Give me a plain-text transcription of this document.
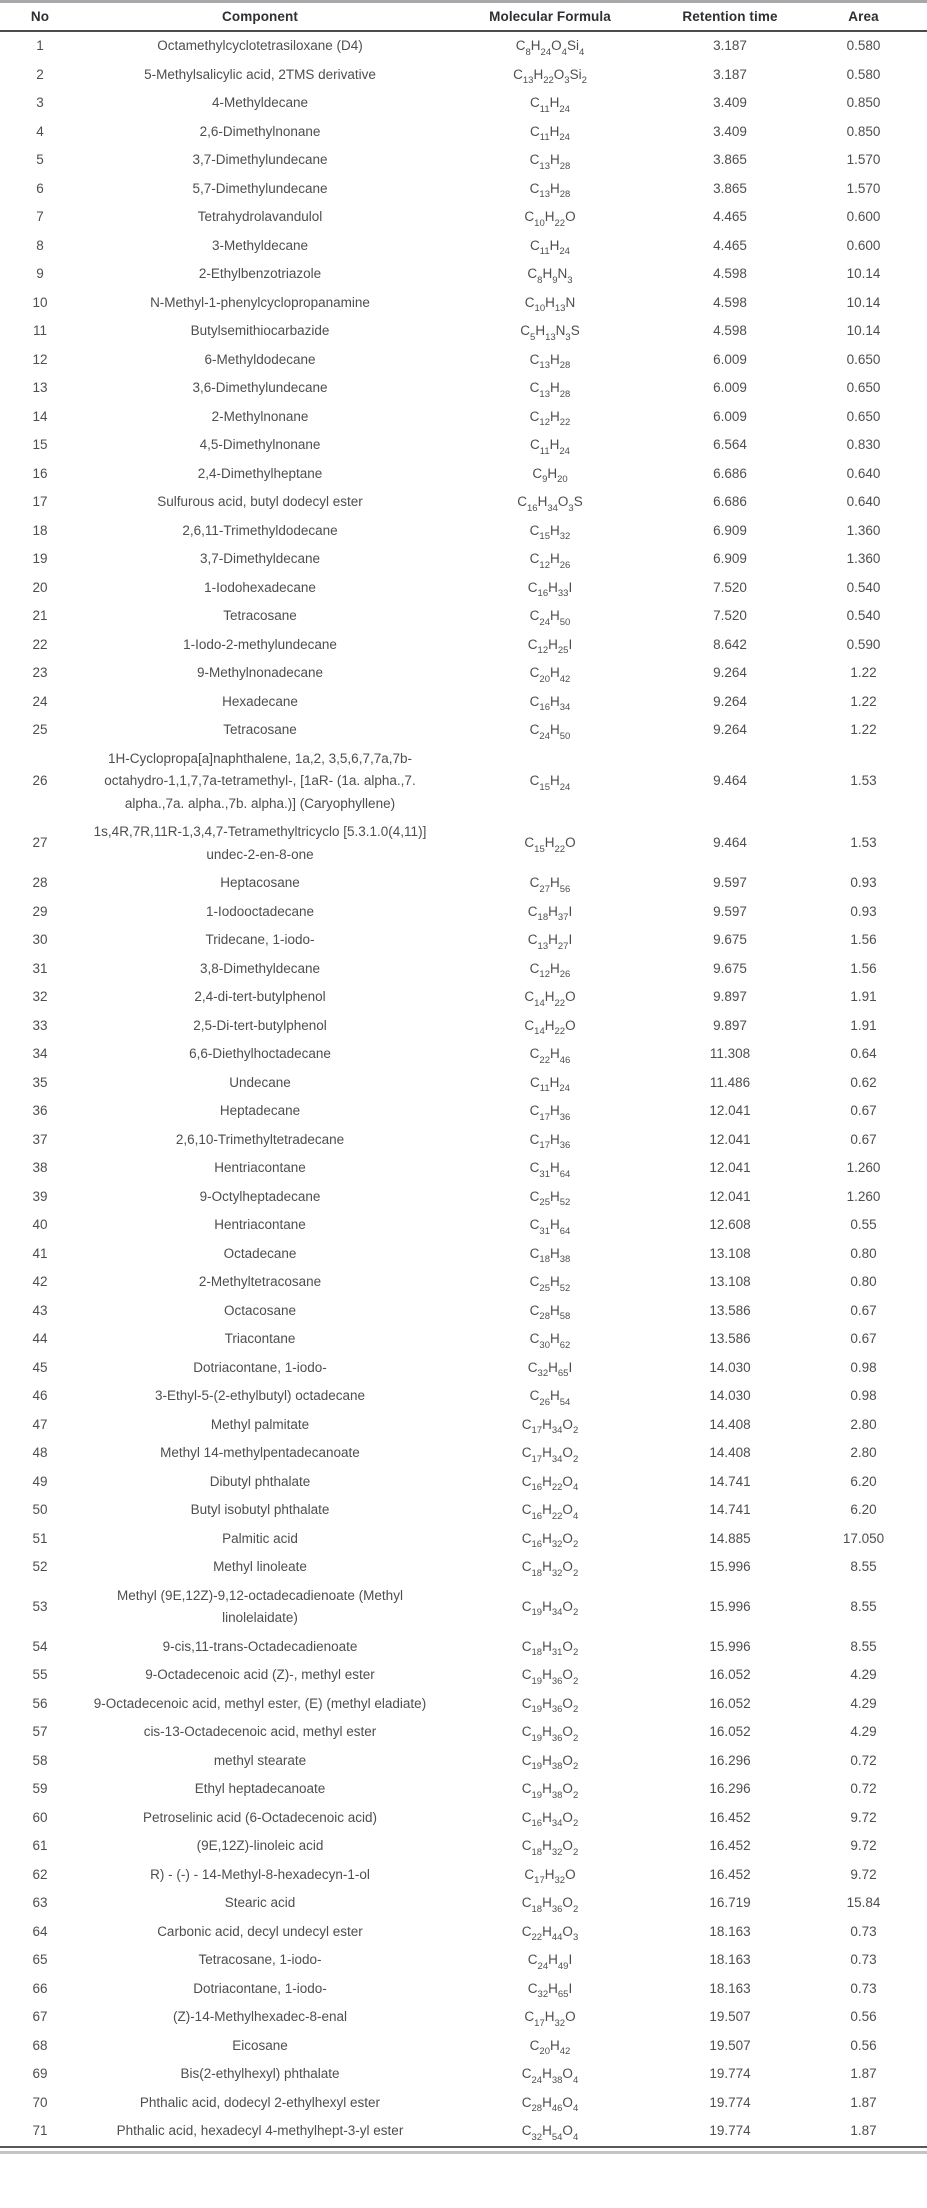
No	Component	Molecular Formula	Retention time	Area
1	Octamethylcyclotetrasiloxane (D4)	$C_8H_{24}O_4Si_4$	3.187	0.580
2	5-Methylsalicylic acid, 2TMS derivative	$C_{13}H_{22}O_3Si_2$	3.187	0.580
3	4-Methyldecane	$C_{11}H_{24}$	3.409	0.850
4	2,6-Dimethylnonane	$C_{11}H_{24}$	3.409	0.850
5	3,7-Dimethylundecane	$C_{13}H_{28}$	3.865	1.570
6	5,7-Dimethylundecane	$C_{13}H_{28}$	3.865	1.570
7	Tetrahydrolavandulol	$C_{10}H_{22}O$	4.465	0.600
8	3-Methyldecane	$C_{11}H_{24}$	4.465	0.600
9	2-Ethylbenzotriazole	$C_8H_9N_3$	4.598	10.14
10	N-Methyl-1-phenylcyclopropanamine	$C_{10}H_{13}N$	4.598	10.14
11	Butylsemithiocarbazide	$C_5H_{13}N_3S$	4.598	10.14
12	6-Methyldodecane	$C_{13}H_{28}$	6.009	0.650
13	3,6-Dimethylundecane	$C_{13}H_{28}$	6.009	0.650
14	2-Methylnonane	$C_{12}H_{22}$	6.009	0.650
15	4,5-Dimethylnonane	$C_{11}H_{24}$	6.564	0.830
16	2,4-Dimethylheptane	$C_9H_{20}$	6.686	0.640
17	Sulfurous acid, butyl dodecyl ester	$C_{16}H_{34}O_3S$	6.686	0.640
18	2,6,11-Trimethyldodecane	$C_{15}H_{32}$	6.909	1.360
19	3,7-Dimethyldecane	$C_{12}H_{26}$	6.909	1.360
20	1-Iodohexadecane	$C_{16}H_{33}I$	7.520	0.540
21	Tetracosane	$C_{24}H_{50}$	7.520	0.540
22	1-Iodo-2-methylundecane	$C_{12}H_{25}I$	8.642	0.590
23	9-Methylnonadecane	$C_{20}H_{42}$	9.264	1.22
24	Hexadecane	$C_{16}H_{34}$	9.264	1.22
25	Tetracosane	$C_{24}H_{50}$	9.264	1.22
26	1H-Cyclopropa[a]naphthalene, 1a,2, 3,5,6,7,7a,7b-octahydro-1,1,7,7a-tetramethyl-, [1aR- (1a. alpha.,7. alpha.,7a. alpha.,7b. alpha.)] (Caryophyllene)	$C_{15}H_{24}$	9.464	1.53
27	1s,4R,7R,11R-1,3,4,7-Tetramethyltricyclo [5.3.1.0(4,11)] undec-2-en-8-one	$C_{15}H_{22}O$	9.464	1.53
28	Heptacosane	$C_{27}H_{56}$	9.597	0.93
29	1-Iodooctadecane	$C_{18}H_{37}I$	9.597	0.93
30	Tridecane, 1-iodo-	$C_{13}H_{27}I$	9.675	1.56
31	3,8-Dimethyldecane	$C_{12}H_{26}$	9.675	1.56
32	2,4-di-tert-butylphenol	$C_{14}H_{22}O$	9.897	1.91
33	2,5-Di-tert-butylphenol	$C_{14}H_{22}O$	9.897	1.91
34	6,6-Diethylhoctadecane	$C_{22}H_{46}$	11.308	0.64
35	Undecane	$C_{11}H_{24}$	11.486	0.62
36	Heptadecane	$C_{17}H_{36}$	12.041	0.67
37	2,6,10-Trimethyltetradecane	$C_{17}H_{36}$	12.041	0.67
38	Hentriacontane	$C_{31}H_{64}$	12.041	1.260
39	9-Octylheptadecane	$C_{25}H_{52}$	12.041	1.260
40	Hentriacontane	$C_{31}H_{64}$	12.608	0.55
41	Octadecane	$C_{18}H_{38}$	13.108	0.80
42	2-Methyltetracosane	$C_{25}H_{52}$	13.108	0.80
43	Octacosane	$C_{28}H_{58}$	13.586	0.67
44	Triacontane	$C_{30}H_{62}$	13.586	0.67
45	Dotriacontane, 1-iodo-	$C_{32}H_{65}I$	14.030	0.98
46	3-Ethyl-5-(2-ethylbutyl) octadecane	$C_{26}H_{54}$	14.030	0.98
47	Methyl palmitate	$C_{17}H_{34}O_2$	14.408	2.80
48	Methyl 14-methylpentadecanoate	$C_{17}H_{34}O_2$	14.408	2.80
49	Dibutyl phthalate	$C_{16}H_{22}O_4$	14.741	6.20
50	Butyl isobutyl phthalate	$C_{16}H_{22}O_4$	14.741	6.20
51	Palmitic acid	$C_{16}H_{32}O_2$	14.885	17.050
52	Methyl linoleate	$C_{18}H_{32}O_2$	15.996	8.55
53	Methyl (9E,12Z)-9,12-octadecadienoate (Methyl linolelaidate)	$C_{19}H_{34}O_2$	15.996	8.55
54	9-cis,11-trans-Octadecadienoate	$C_{18}H_{31}O_2$	15.996	8.55
55	9-Octadecenoic acid (Z)-, methyl ester	$C_{19}H_{36}O_2$	16.052	4.29
56	9-Octadecenoic acid, methyl ester, (E) (methyl eladiate)	$C_{19}H_{36}O_2$	16.052	4.29
57	cis-13-Octadecenoic acid, methyl ester	$C_{19}H_{36}O_2$	16.052	4.29
58	methyl stearate	$C_{19}H_{38}O_2$	16.296	0.72
59	Ethyl heptadecanoate	$C_{19}H_{38}O_2$	16.296	0.72
60	Petroselinic acid (6-Octadecenoic acid)	$C_{16}H_{34}O_2$	16.452	9.72
61	(9E,12Z)-linoleic acid	$C_{18}H_{32}O_2$	16.452	9.72
62	R) - (-) - 14-Methyl-8-hexadecyn-1-ol	$C_{17}H_{32}O$	16.452	9.72
63	Stearic acid	$C_{18}H_{36}O_2$	16.719	15.84
64	Carbonic acid, decyl undecyl ester	$C_{22}H_{44}O_3$	18.163	0.73
65	Tetracosane, 1-iodo-	$C_{24}H_{49}I$	18.163	0.73
66	Dotriacontane, 1-iodo-	$C_{32}H_{65}I$	18.163	0.73
67	(Z)-14-Methylhexadec-8-enal	$C_{17}H_{32}O$	19.507	0.56
68	Eicosane	$C_{20}H_{42}$	19.507	0.56
69	Bis(2-ethylhexyl) phthalate	$C_{24}H_{38}O_4$	19.774	1.87
70	Phthalic acid, dodecyl 2-ethylhexyl ester	$C_{28}H_{46}O_4$	19.774	1.87
71	Phthalic acid, hexadecyl 4-methylhept-3-yl ester	$C_{32}H_{54}O_4$	19.774	1.87
